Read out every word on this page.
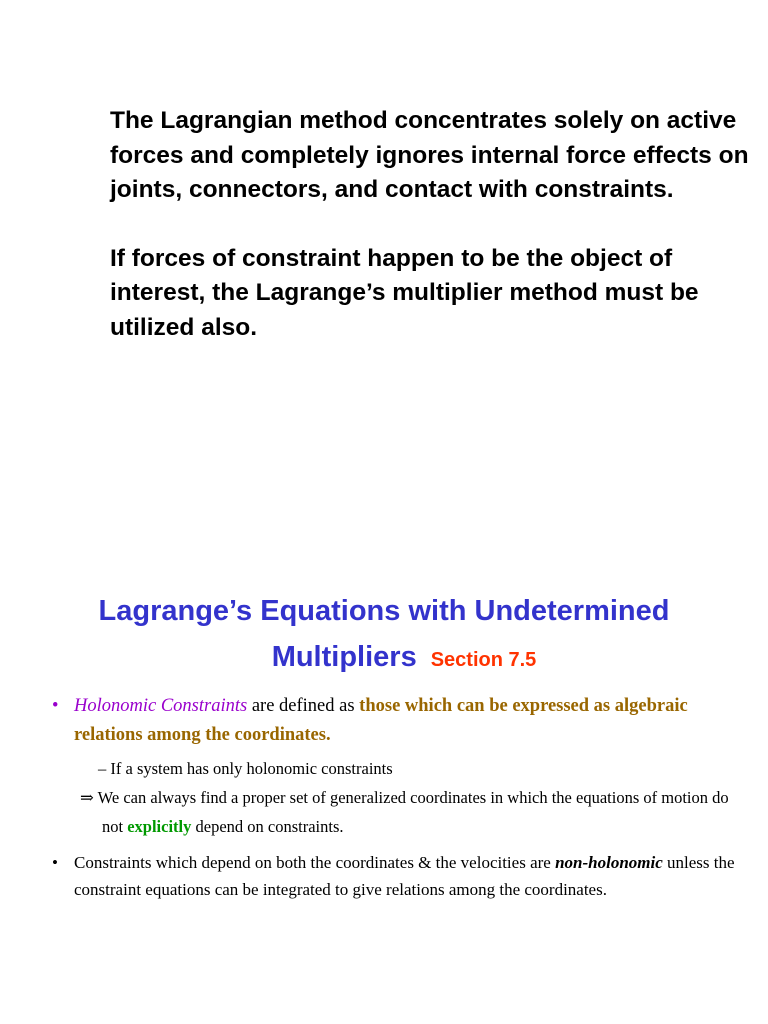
The Lagrangian method concentrates solely on active forces and completely ignores internal force effects on joints, connectors, and contact with constraints.

If forces of constraint happen to be the object of interest, the Lagrange’s multiplier method must be utilized also.

Lagrange’s Equations with Undetermined
Multipliers Section 7.5
• Holonomic Constraints are defined as those which can be expressed as algebraic relations among the coordinates.
– If a system has only holonomic constraints
⇒ We can always find a proper set of generalized coordinates in which the equations of motion do not explicitly depend on constraints.
• Constraints which depend on both the coordinates & the velocities are non-holonomic unless the constraint equations can be integrated to give relations among the coordinates.
